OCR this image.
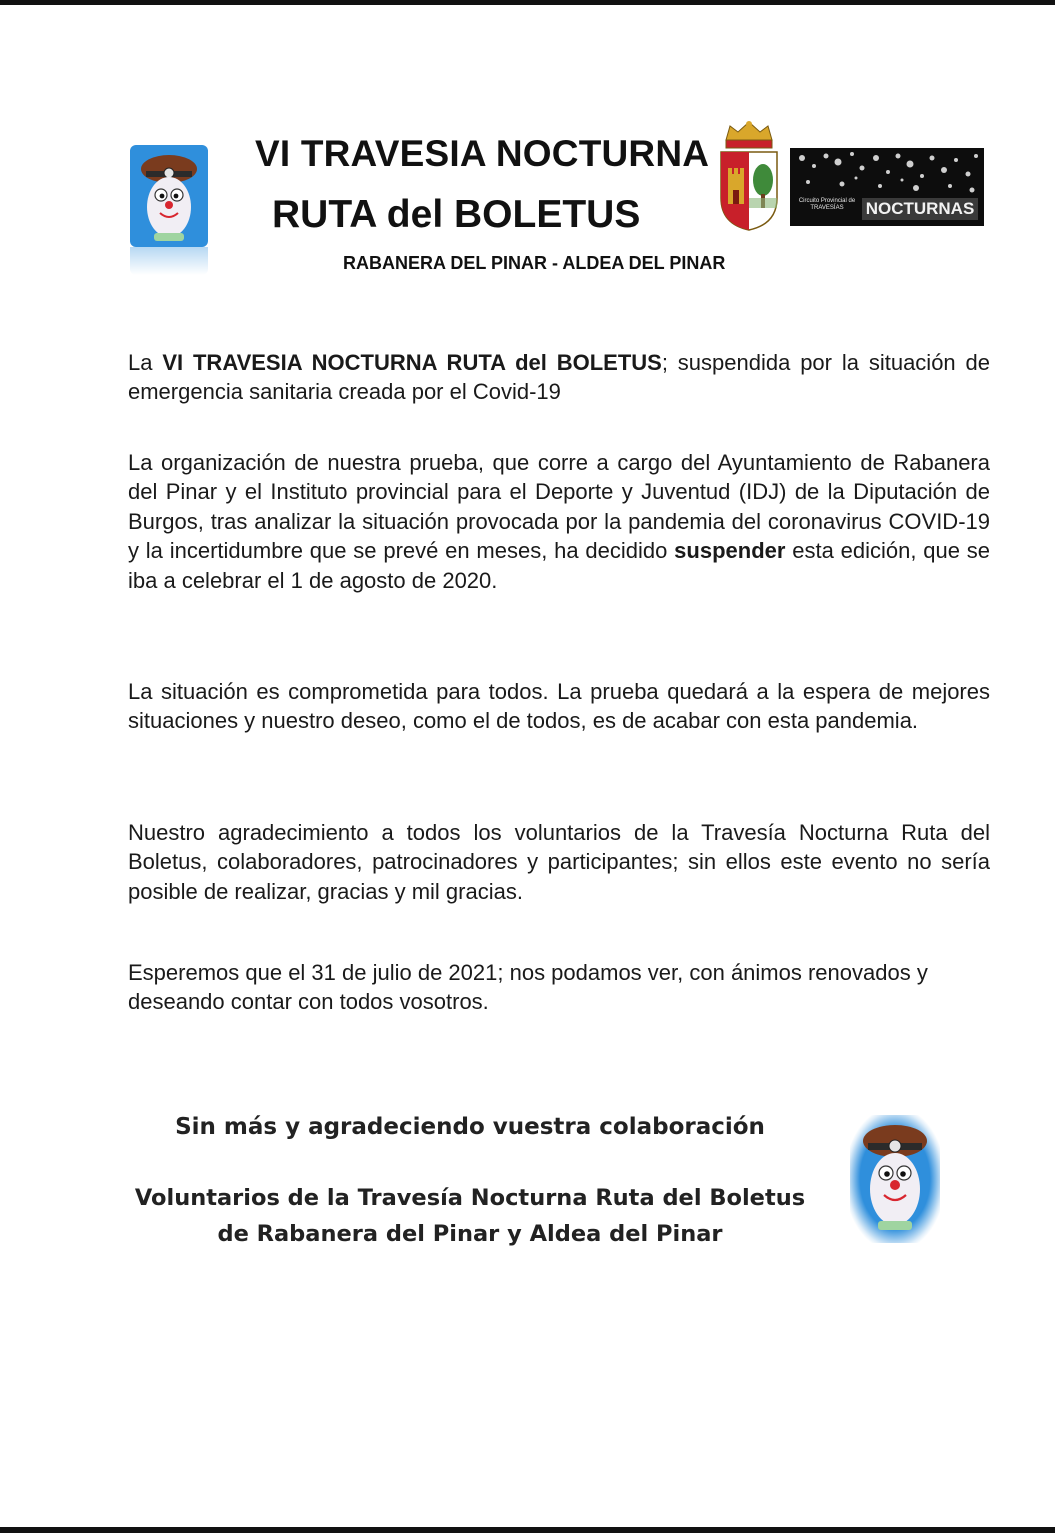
VI TRAVESIA NOCTURNA
RUTA del BOLETUS
RABANERA DEL PINAR - ALDEA DEL PINAR
Circuito Provincial de TRAVESÍAS	NOCTURNAS
La VI TRAVESIA NOCTURNA RUTA del BOLETUS; suspendida por la situación de emergencia sanitaria creada por el Covid-19
La organización de nuestra prueba, que corre a cargo del Ayuntamiento de Rabanera del Pinar y el Instituto provincial para el Deporte y Juventud (IDJ) de la Diputación de Burgos, tras analizar la situación provocada por la pandemia del coronavirus COVID-19 y la incertidumbre que se prevé en meses, ha decidido suspender esta edición, que se iba a celebrar el 1 de agosto de 2020.
La situación es comprometida para todos. La prueba quedará a la espera de mejores situaciones y nuestro deseo, como el de todos, es de acabar con esta pandemia.
Nuestro agradecimiento a todos los voluntarios de la Travesía Nocturna Ruta del Boletus, colaboradores, patrocinadores y participantes; sin ellos este evento no sería posible de realizar, gracias y mil gracias.
Esperemos que el 31 de julio de 2021; nos podamos ver, con ánimos renovados y deseando contar con todos vosotros.
Sin más y agradeciendo vuestra colaboración
Voluntarios de la Travesía Nocturna Ruta del Boletus
de Rabanera del Pinar y Aldea del Pinar
